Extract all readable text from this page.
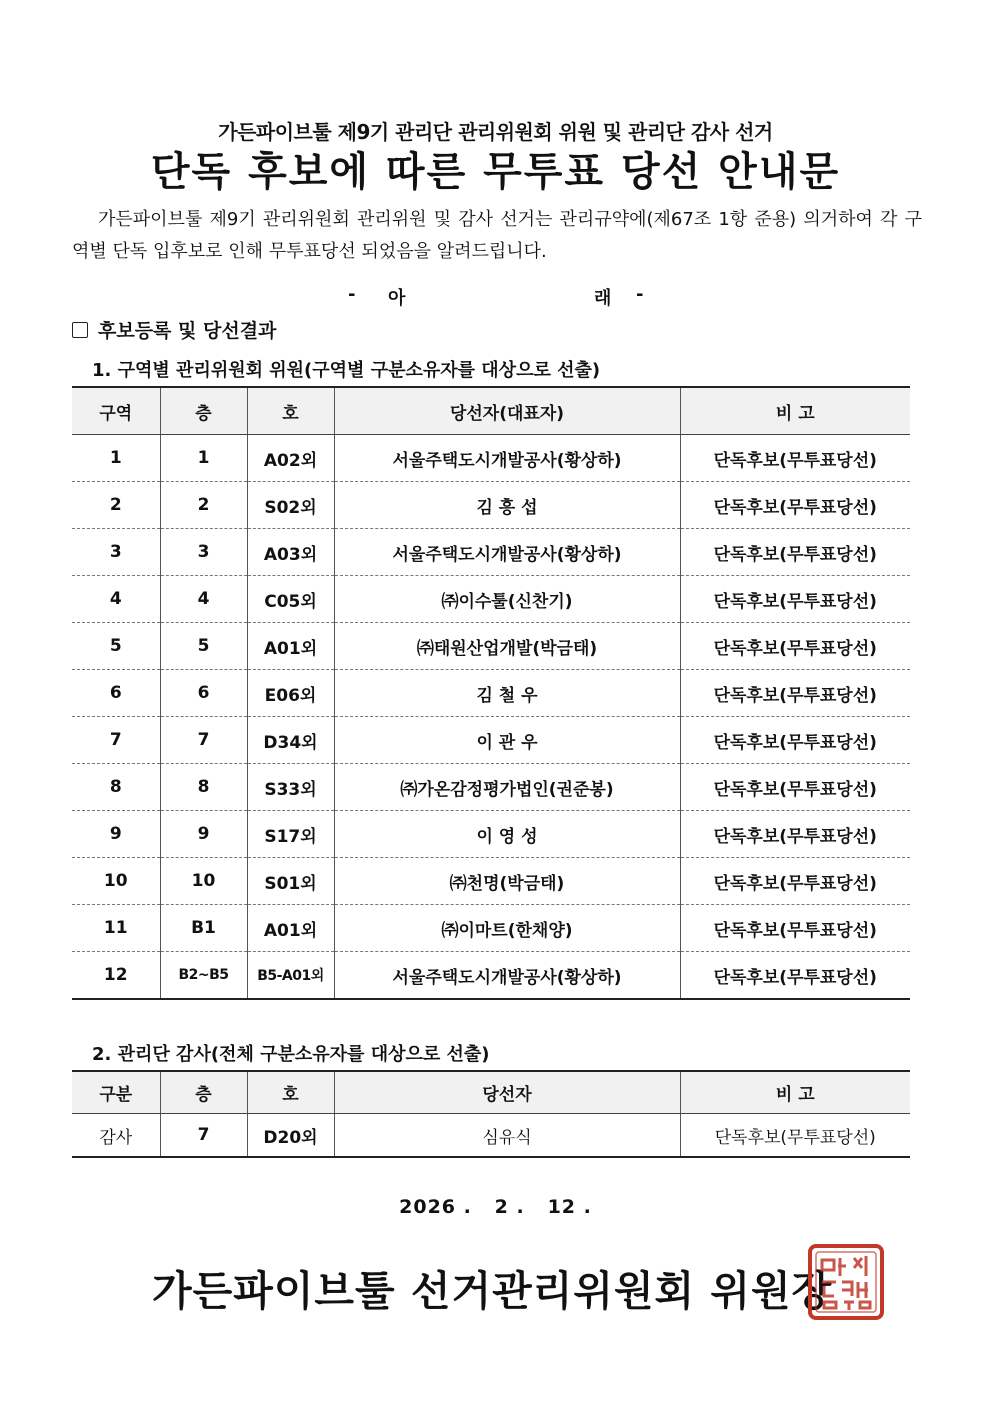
가든파이브툴 제9기 관리단 관리위원회 위원 및 관리단 감사 선거
단독 후보에 따른 무투표 당선 안내문
가든파이브툴 제9기 관리위원회 관리위원 및 감사 선거는 관리규약에(제67조 1항 준용) 의거하여 각 구역별 단독 입후보로 인해 무투표당선 되었음을 알려드립니다.
- 아	래 -
후보등록 및 당선결과
1. 구역별 관리위원회 위원(구역별 구분소유자를 대상으로 선출)
구역	층	호	당선자(대표자)	비 고
1	1	A02외	서울주택도시개발공사(황상하)	단독후보(무투표당선)
2	2	S02외	김 흥 섭	단독후보(무투표당선)
3	3	A03외	서울주택도시개발공사(황상하)	단독후보(무투표당선)
4	4	C05외	㈜이수툴(신찬기)	단독후보(무투표당선)
5	5	A01외	㈜태원산업개발(박금태)	단독후보(무투표당선)
6	6	E06외	김 철 우	단독후보(무투표당선)
7	7	D34외	이 관 우	단독후보(무투표당선)
8	8	S33외	㈜가온감정평가법인(권준봉)	단독후보(무투표당선)
9	9	S17외	이 영 성	단독후보(무투표당선)
10	10	S01외	㈜천명(박금태)	단독후보(무투표당선)
11	B1	A01외	㈜이마트(한채양)	단독후보(무투표당선)
12	B2~B5	B5-A01외	서울주택도시개발공사(황상하)	단독후보(무투표당선)
2. 관리단 감사(전체 구분소유자를 대상으로 선출)
구분	층	호	당선자	비 고
감사	7	D20외	심유식	단독후보(무투표당선)
2026 .   2 .   12 .
가든파이브툴 선거관리위원회 위원장
